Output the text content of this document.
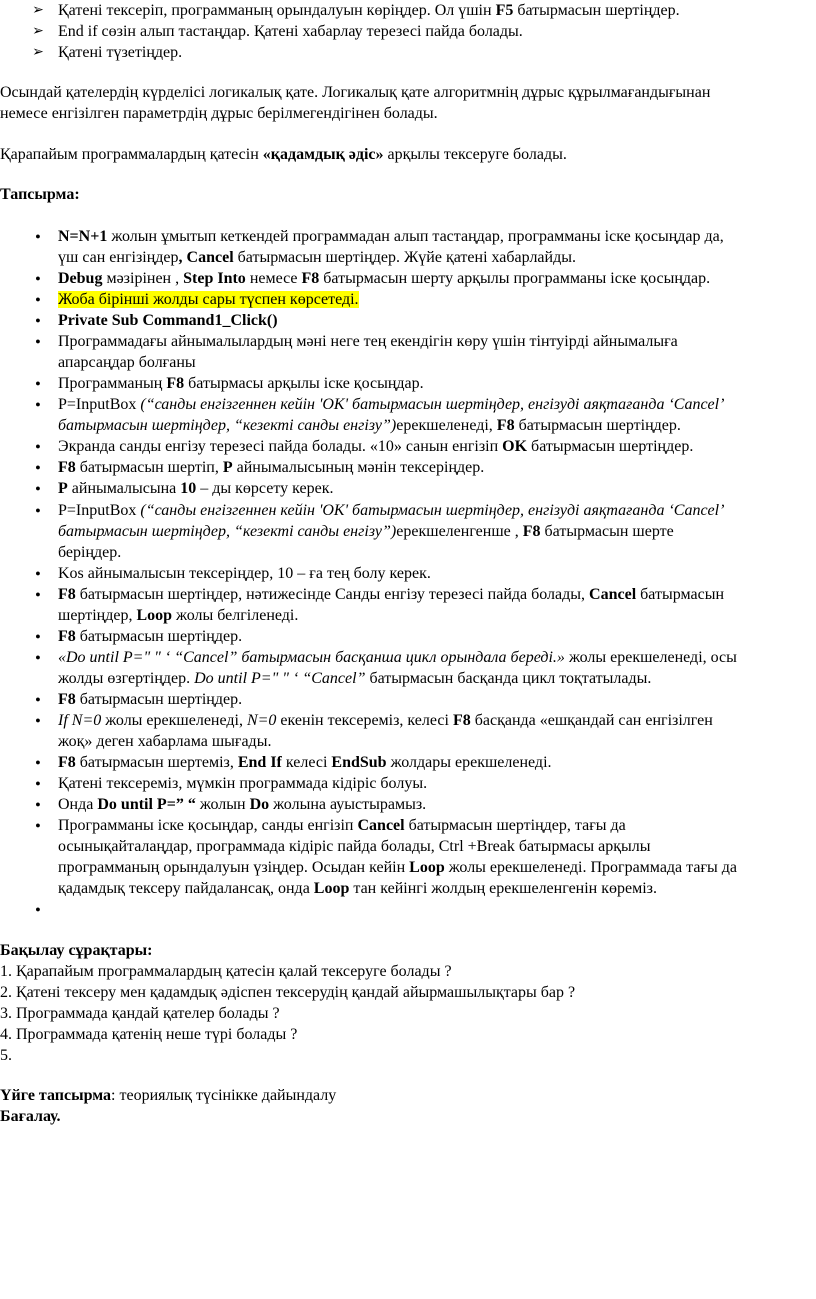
➢ Қатені тексеріп, программаның орындалуын көріңдер. Ол үшін F5 батырмасын шертіңдер.
➢ End if сөзін алып тастаңдар. Қатені хабарлау терезесі пайда болады.
➢ Қатені түзетіңдер.
Осындай қателердің күрделісі логикалық қате. Логикалық қате алгоритмнің дұрыс құрылмағандығынан
немесе енгізілген параметрдің дұрыс берілмегендігінен болады.
Қарапайым программалардың қатесін «қадамдық әдіс» арқылы тексеруге болады.
Тапсырма:
● N=N+1 жолын ұмытып кеткендей программадан алып тастаңдар, программаны іске қосыңдар да,
үш сан енгізіңдер, Cancel батырмасын шертіңдер. Жүйе қатені хабарлайды.
● Debug мәзірінен , Step Into немесе F8 батырмасын шерту арқылы программаны іске қосыңдар.
● Жоба бірінші жолды сары түспен көрсетеді.
● Private Sub Command1_Click()
● Программадағы айнымалылардың мәні неге тең екендігін көру үшін тінтуірді айнымалыға
апарсаңдар болғаны
● Программаның F8 батырмасы арқылы іске қосыңдар.
● P=InputBox (“санды енгізгеннен кейін 'OK' батырмасын шертіңдер, енгізуді аяқтағанда ‘Cancel’
батырмасын шертіңдер, “кезекті санды енгізу”)ерекшеленеді, F8 батырмасын шертіңдер.
● Экранда санды енгізу терезесі пайда болады. «10» санын енгізіп OK батырмасын шертіңдер.
● F8 батырмасын шертіп, P айнымалысының мәнін тексеріңдер.
● P айнымалысына 10 – ды көрсету керек.
● P=InputBox (“санды енгізгеннен кейін 'OK' батырмасын шертіңдер, енгізуді аяқтағанда ‘Cancel’
батырмасын шертіңдер, “кезекті санды енгізу”)ерекшеленгенше , F8 батырмасын шерте
беріңдер.
● Kos айнымалысын тексеріңдер, 10 – ға тең болу керек.
● F8 батырмасын шертіңдер, нәтижесінде Санды енгізу терезесі пайда болады, Cancel батырмасын
шертіңдер, Loop жолы белгіленеді.
● F8 батырмасын шертіңдер.
● «Do until P=" " ‘ “Cancel” батырмасын басқанша цикл орындала береді.» жолы ерекшеленеді, осы
жолды өзгертіңдер. Do until P=" " ‘ “Cancel” батырмасын басқанда цикл тоқтатылады.
● F8 батырмасын шертіңдер.
● If N=0 жолы ерекшеленеді, N=0 екенін тексереміз, келесі F8 басқанда «ешқандай сан енгізілген
жоқ» деген хабарлама шығады.
● F8 батырмасын шертеміз, End If келесі EndSub жолдары ерекшеленеді.
● Қатені тексереміз, мүмкін программада кідіріс болуы.
● Онда Do until P=” “ жолын Do жолына ауыстырамыз.
● Программаны іске қосыңдар, санды енгізіп Cancel батырмасын шертіңдер, тағы да
осынықайталаңдар, программада кідіріс пайда болады, Ctrl +Break батырмасы арқылы
программаның орындалуын үзіңдер. Осыдан кейін Loop жолы ерекшеленеді. Программада тағы да
қадамдық тексеру пайдалансақ, онда Loop тан кейінгі жолдың ерекшеленгенін көреміз.
●
Бақылау сұрақтары:
1. Қарапайым программалардың қатесін қалай тексеруге болады ?
2. Қатені тексеру мен қадамдық әдіспен тексерудің қандай айырмашылықтары бар ?
3. Программада қандай қателер болады ?
4. Программада қатенің неше түрі болады ?
5.
Үйге тапсырма: теориялық түсінікке дайындалу
Бағалау.
